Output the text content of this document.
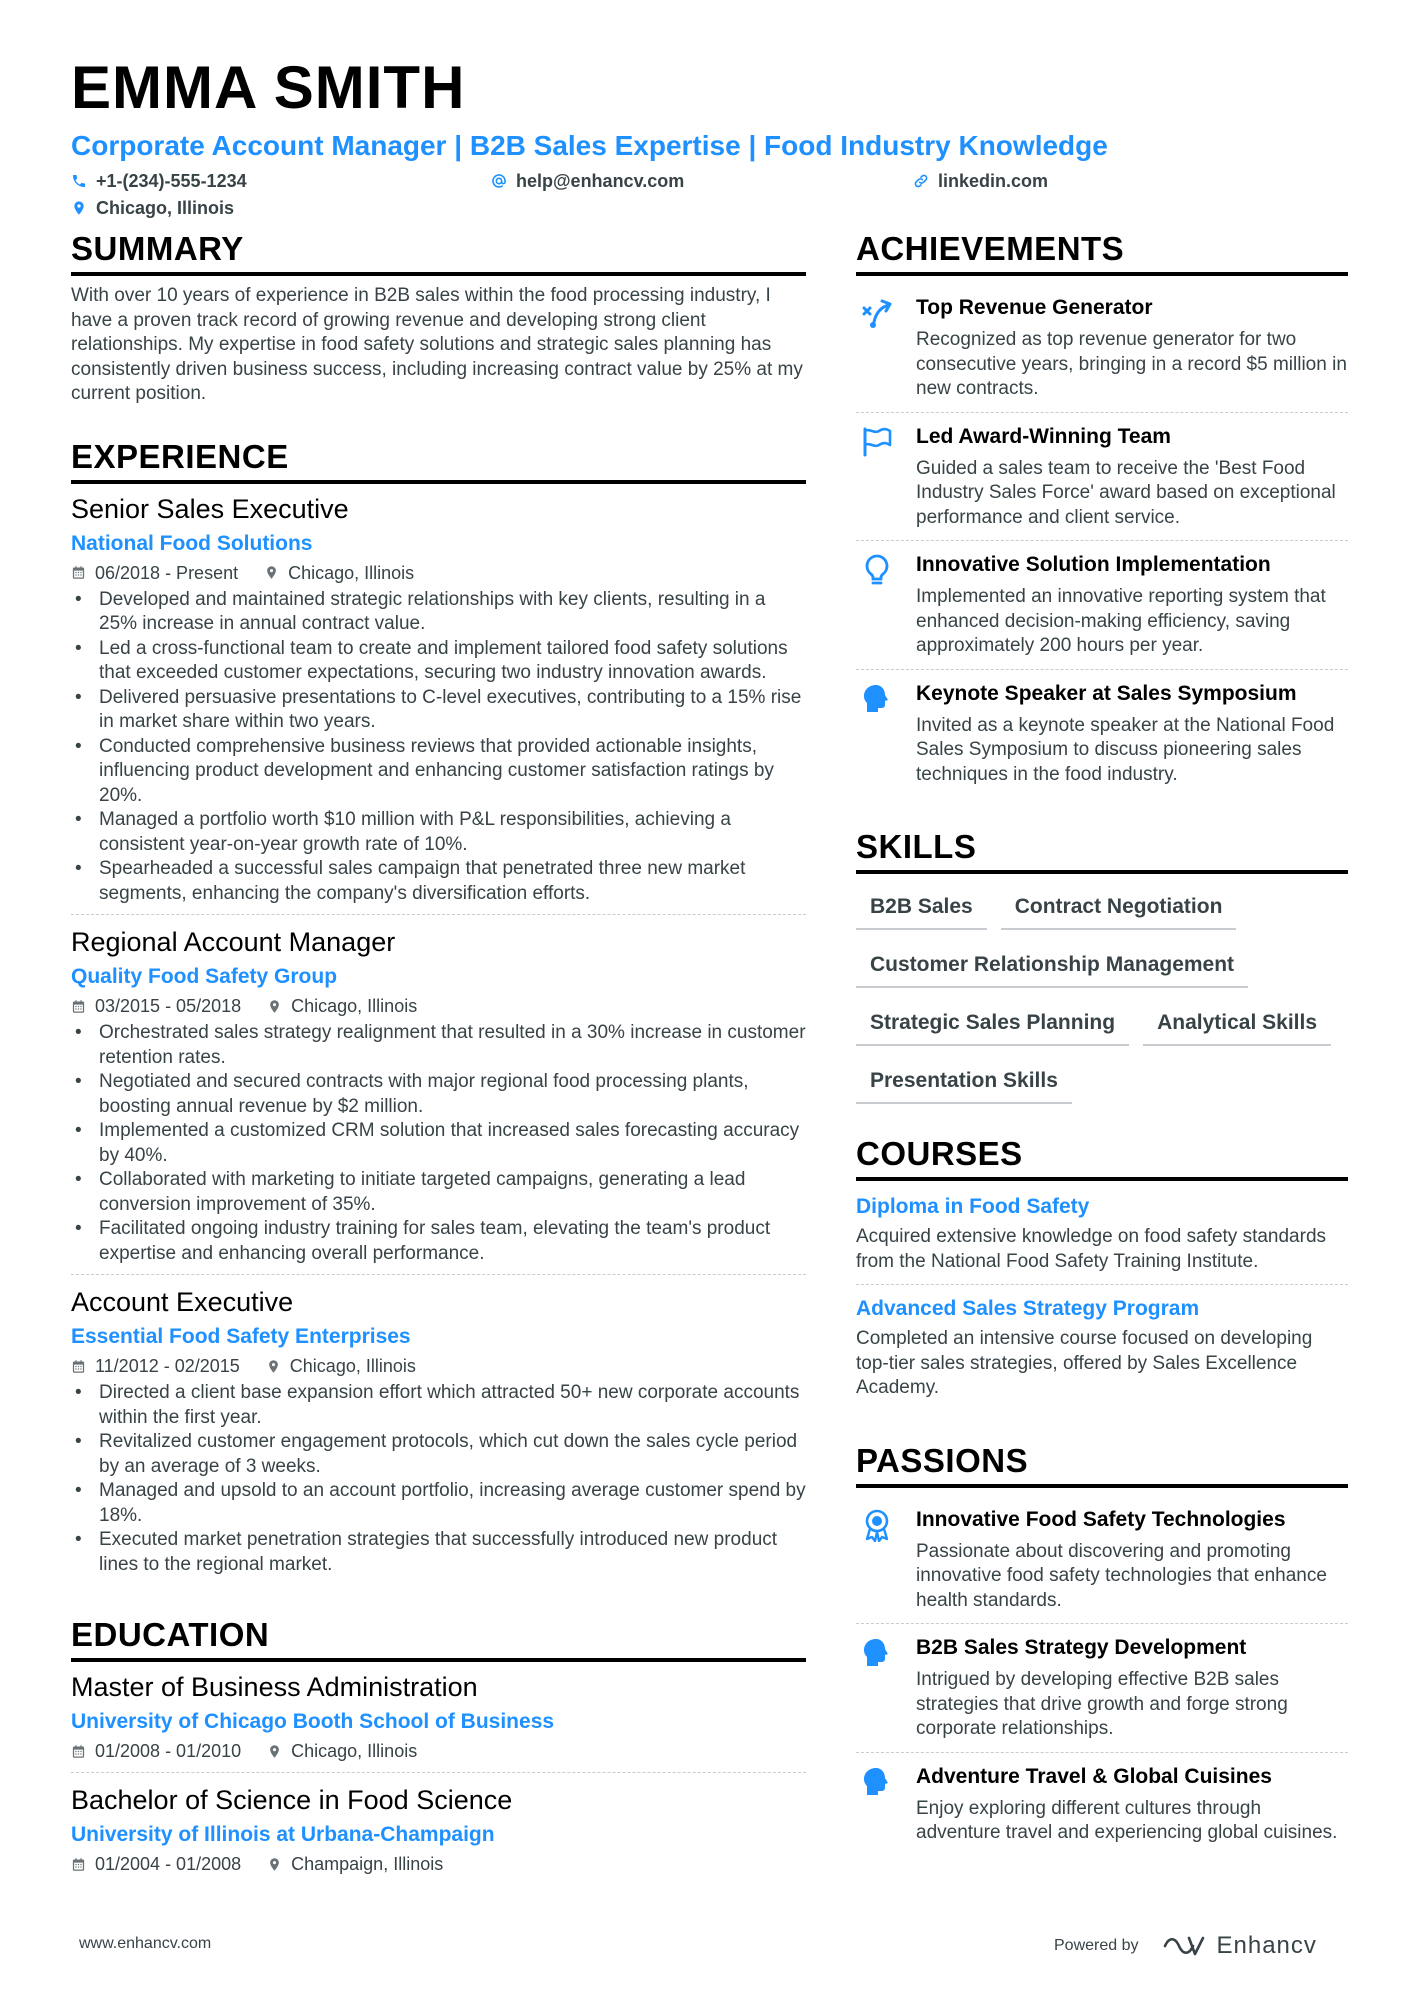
EMMA SMITH
Corporate Account Manager | B2B Sales Expertise | Food Industry Knowledge
+1-(234)-555-1234	help@enhancv.com	linkedin.com
Chicago, Illinois
SUMMARY

With over 10 years of experience in B2B sales within the food processing industry, I have a proven track record of growing revenue and developing strong client relationships. My expertise in food safety solutions and strategic sales planning has consistently driven business success, including increasing contract value by 25% at my current position.

EXPERIENCE
Senior Sales Executive
National Food Solutions
06/2018 - Present	Chicago, Illinois
• Developed and maintained strategic relationships with key clients, resulting in a 25% increase in annual contract value.
• Led a cross-functional team to create and implement tailored food safety solutions that exceeded customer expectations, securing two industry innovation awards.
• Delivered persuasive presentations to C-level executives, contributing to a 15% rise in market share within two years.
• Conducted comprehensive business reviews that provided actionable insights, influencing product development and enhancing customer satisfaction ratings by 20%.
• Managed a portfolio worth $10 million with P&L responsibilities, achieving a consistent year-on-year growth rate of 10%.
• Spearheaded a successful sales campaign that penetrated three new market segments, enhancing the company's diversification efforts.
Regional Account Manager
Quality Food Safety Group
03/2015 - 05/2018	Chicago, Illinois
• Orchestrated sales strategy realignment that resulted in a 30% increase in customer retention rates.
• Negotiated and secured contracts with major regional food processing plants, boosting annual revenue by $2 million.
• Implemented a customized CRM solution that increased sales forecasting accuracy by 40%.
• Collaborated with marketing to initiate targeted campaigns, generating a lead conversion improvement of 35%.
• Facilitated ongoing industry training for sales team, elevating the team's product expertise and enhancing overall performance.
Account Executive
Essential Food Safety Enterprises
11/2012 - 02/2015	Chicago, Illinois
• Directed a client base expansion effort which attracted 50+ new corporate accounts within the first year.
• Revitalized customer engagement protocols, which cut down the sales cycle period by an average of 3 weeks.
• Managed and upsold to an account portfolio, increasing average customer spend by 18%.
• Executed market penetration strategies that successfully introduced new product lines to the regional market.
EDUCATION
Master of Business Administration
University of Chicago Booth School of Business
01/2008 - 01/2010	Chicago, Illinois
Bachelor of Science in Food Science
University of Illinois at Urbana-Champaign
01/2004 - 01/2008	Champaign, Illinois
ACHIEVEMENTS
Top Revenue Generator
Recognized as top revenue generator for two consecutive years, bringing in a record $5 million in new contracts.
Led Award-Winning Team
Guided a sales team to receive the 'Best Food Industry Sales Force' award based on exceptional performance and client service.
Innovative Solution Implementation
Implemented an innovative reporting system that enhanced decision-making efficiency, saving approximately 200 hours per year.
Keynote Speaker at Sales Symposium
Invited as a keynote speaker at the National Food Sales Symposium to discuss pioneering sales techniques in the food industry.
SKILLS
B2B Sales	Contract Negotiation
Customer Relationship Management
Strategic Sales Planning	Analytical Skills
Presentation Skills
COURSES
Diploma in Food Safety
Acquired extensive knowledge on food safety standards from the National Food Safety Training Institute.
Advanced Sales Strategy Program
Completed an intensive course focused on developing top-tier sales strategies, offered by Sales Excellence Academy.
PASSIONS
Innovative Food Safety Technologies
Passionate about discovering and promoting innovative food safety technologies that enhance health standards.
B2B Sales Strategy Development
Intrigued by developing effective B2B sales strategies that drive growth and forge strong corporate relationships.
Adventure Travel & Global Cuisines
Enjoy exploring different cultures through adventure travel and experiencing global cuisines.
www.enhancv.com	Powered by	Enhancv
